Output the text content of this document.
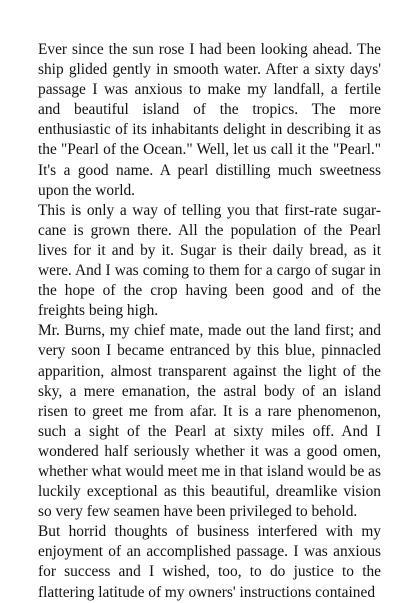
Ever since the sun rose I had been looking ahead. The ship glided gently in smooth water. After a sixty days' passage I was anxious to make my landfall, a fertile and beautiful island of the tropics. The more enthusiastic of its inhabitants delight in describing it as the "Pearl of the Ocean." Well, let us call it the "Pearl." It's a good name. A pearl distilling much sweetness upon the world.

This is only a way of telling you that first-rate sugar-cane is grown there. All the population of the Pearl lives for it and by it. Sugar is their daily bread, as it were. And I was coming to them for a cargo of sugar in the hope of the crop having been good and of the freights being high.

Mr. Burns, my chief mate, made out the land first; and very soon I became entranced by this blue, pinnacled apparition, almost transparent against the light of the sky, a mere emanation, the astral body of an island risen to greet me from afar. It is a rare phenomenon, such a sight of the Pearl at sixty miles off. And I wondered half seriously whether it was a good omen, whether what would meet me in that island would be as luckily exceptional as this beautiful, dreamlike vision so very few seamen have been privileged to behold.

But horrid thoughts of business interfered with my enjoyment of an accomplished passage. I was anxious for success and I wished, too, to do justice to the flattering latitude of my owners' instructions contained
